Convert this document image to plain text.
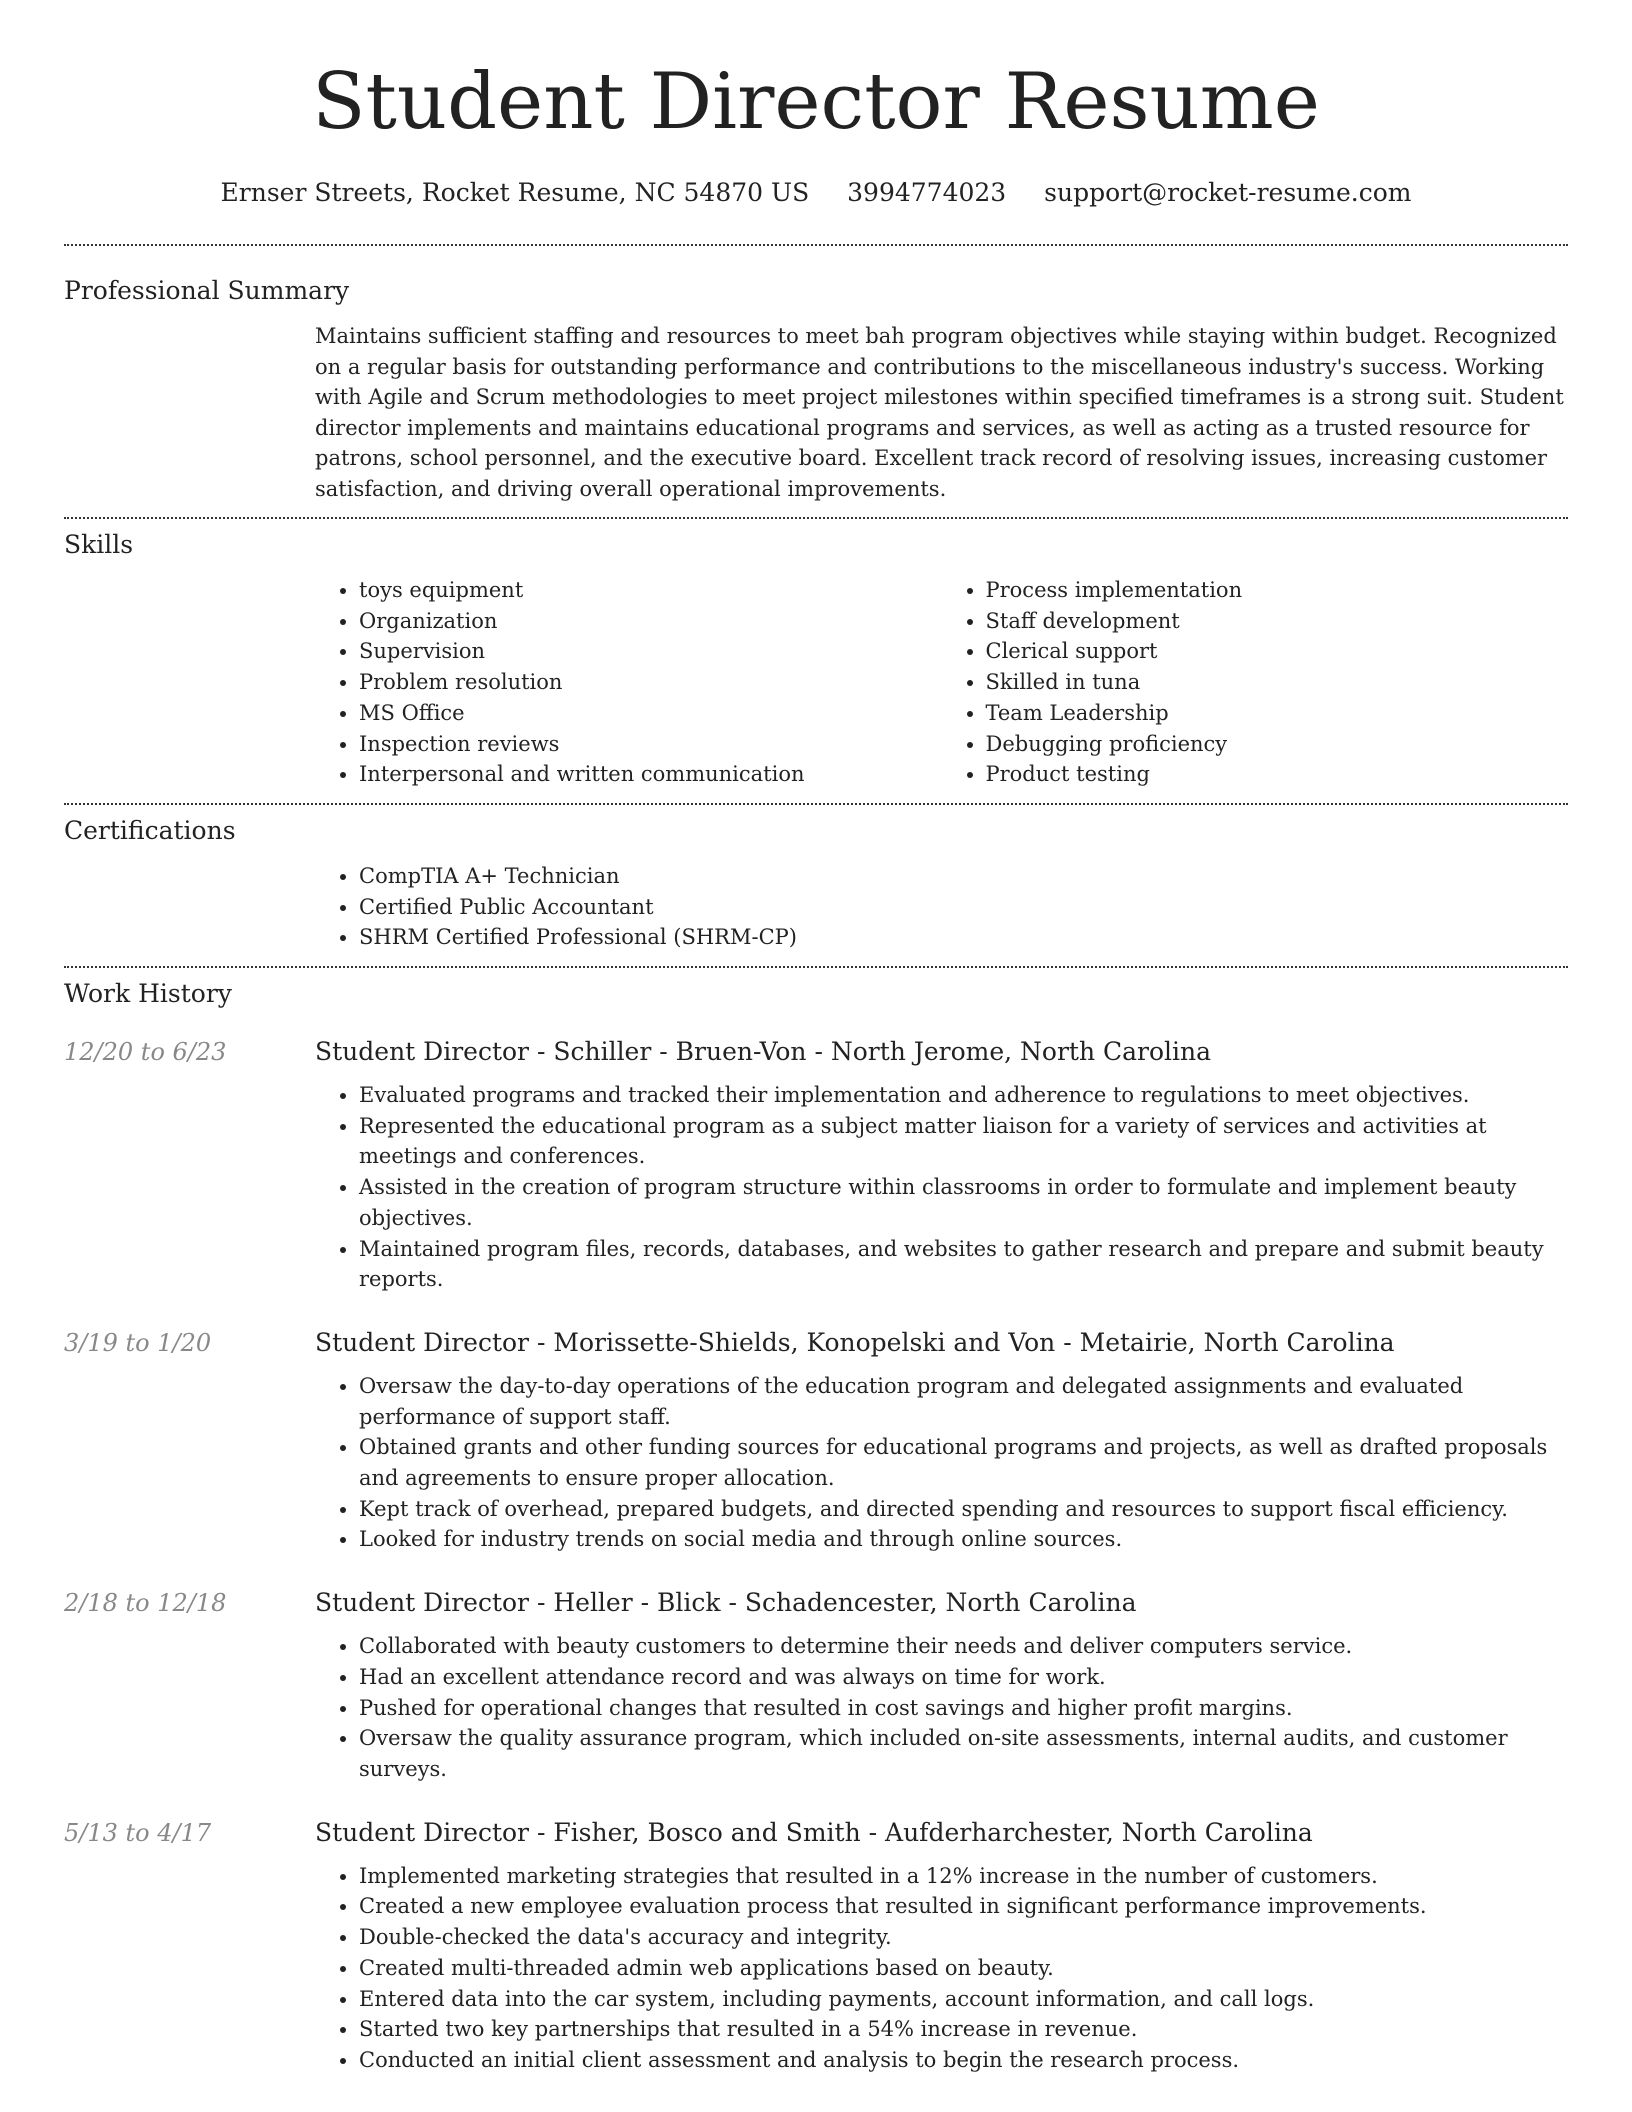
Student Director Resume
Ernser Streets, Rocket Resume, NC 54870 US 3994774023 support@rocket-resume.com
Professional Summary

Maintains sufficient staffing and resources to meet bah program objectives while staying within budget. Recognized on a regular basis for outstanding performance and contributions to the miscellaneous industry's success. Working with Agile and Scrum methodologies to meet project milestones within specified timeframes is a strong suit. Student director implements and maintains educational programs and services, as well as acting as a trusted resource for patrons, school personnel, and the executive board. Excellent track record of resolving issues, increasing customer satisfaction, and driving overall operational improvements.

Skills
• toys equipment
• Organization
• Supervision
• Problem resolution
• MS Office
• Inspection reviews
• Interpersonal and written communication
• Process implementation
• Staff development
• Clerical support
• Skilled in tuna
• Team Leadership
• Debugging proficiency
• Product testing
Certifications
• CompTIA A+ Technician
• Certified Public Accountant
• SHRM Certified Professional (SHRM-CP)
Work History
12/20 to 6/23	Student Director - Schiller - Bruen-Von - North Jerome, North Carolina
• Evaluated programs and tracked their implementation and adherence to regulations to meet objectives.
• Represented the educational program as a subject matter liaison for a variety of services and activities at meetings and conferences.
• Assisted in the creation of program structure within classrooms in order to formulate and implement beauty objectives.
• Maintained program files, records, databases, and websites to gather research and prepare and submit beauty reports.
3/19 to 1/20	Student Director - Morissette-Shields, Konopelski and Von - Metairie, North Carolina
• Oversaw the day-to-day operations of the education program and delegated assignments and evaluated performance of support staff.
• Obtained grants and other funding sources for educational programs and projects, as well as drafted proposals and agreements to ensure proper allocation.
• Kept track of overhead, prepared budgets, and directed spending and resources to support fiscal efficiency.
• Looked for industry trends on social media and through online sources.
2/18 to 12/18	Student Director - Heller - Blick - Schadencester, North Carolina
• Collaborated with beauty customers to determine their needs and deliver computers service.
• Had an excellent attendance record and was always on time for work.
• Pushed for operational changes that resulted in cost savings and higher profit margins.
• Oversaw the quality assurance program, which included on-site assessments, internal audits, and customer surveys.
5/13 to 4/17	Student Director - Fisher, Bosco and Smith - Aufderharchester, North Carolina
• Implemented marketing strategies that resulted in a 12% increase in the number of customers.
• Created a new employee evaluation process that resulted in significant performance improvements.
• Double-checked the data's accuracy and integrity.
• Created multi-threaded admin web applications based on beauty.
• Entered data into the car system, including payments, account information, and call logs.
• Started two key partnerships that resulted in a 54% increase in revenue.
• Conducted an initial client assessment and analysis to begin the research process.
